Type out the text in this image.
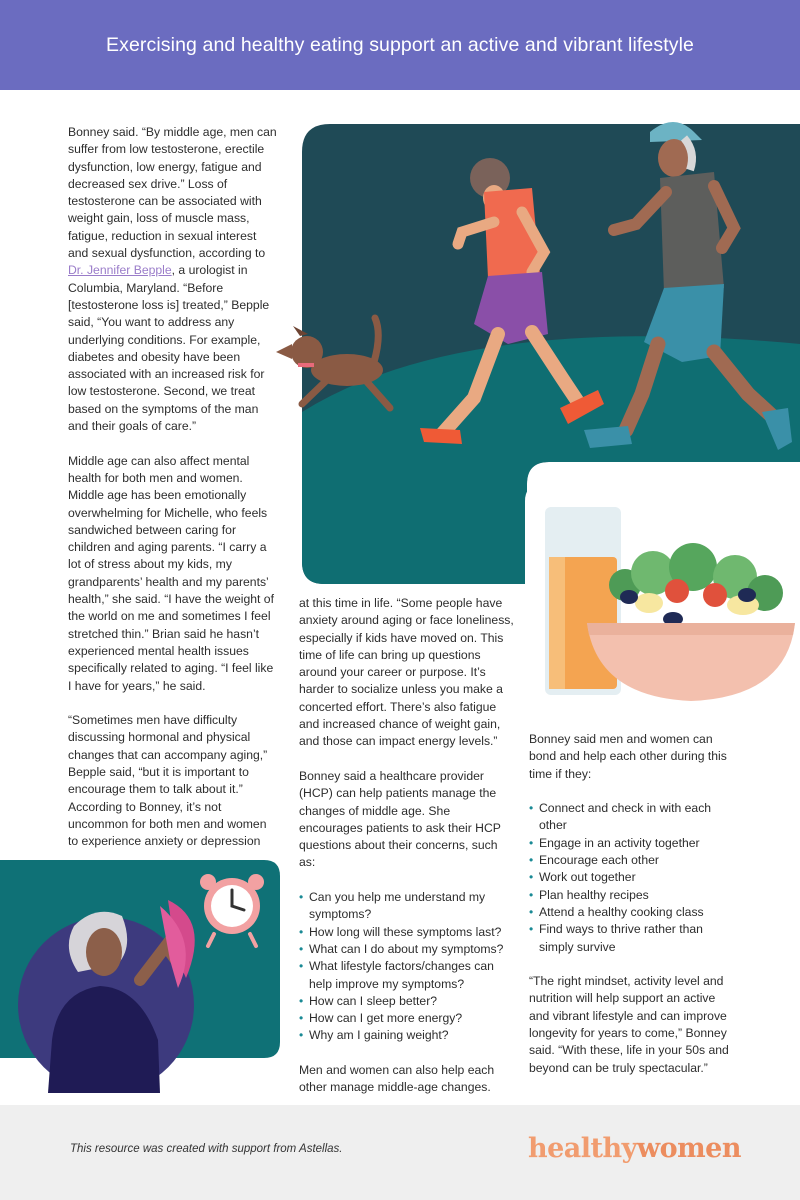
Exercising and healthy eating support an active and vibrant lifestyle

Bonney said. “By middle age, men can suffer from low testosterone, erectile dysfunction, low energy, fatigue and decreased sex drive.” Loss of testosterone can be associated with weight gain, loss of muscle mass, fatigue, reduction in sexual interest and sexual dysfunction, according to Dr. Jennifer Bepple, a urologist in Columbia, Maryland. “Before [testosterone loss is] treated,” Bepple said, “You want to address any underlying conditions. For example, diabetes and obesity have been associated with an increased risk for low testosterone. Second, we treat based on the symptoms of the man and their goals of care.”

Middle age can also affect mental health for both men and women. Middle age has been emotionally overwhelming for Michelle, who feels sandwiched between caring for children and aging parents. “I carry a lot of stress about my kids, my grandparents’ health and my parents’ health,” she said. “I have the weight of the world on me and sometimes I feel stretched thin.” Brian said he hasn’t experienced mental health issues specifically related to aging. “I feel like I have for years,” he said.

“Sometimes men have difficulty discussing hormonal and physical changes that can accompany aging,” Bepple said, “but it is important to encourage them to talk about it.” According to Bonney, it’s not uncommon for both men and women to experience anxiety or depression

at this time in life. “Some people have anxiety around aging or face loneliness, especially if kids have moved on. This time of life can bring up questions around your career or purpose. It’s harder to socialize unless you make a concerted effort. There’s also fatigue and increased chance of weight gain, and those can impact energy levels.”

Bonney said a healthcare provider (HCP) can help patients manage the changes of middle age. She encourages patients to ask their HCP questions about their concerns, such as:

• Can you help me understand my symptoms?
• How long will these symptoms last?
• What can I do about my symptoms?
• What lifestyle factors/changes can help improve my symptoms?
• How can I sleep better?
• How can I get more energy?
• Why am I gaining weight?

Men and women can also help each other manage middle-age changes.

Bonney said men and women can bond and help each other during this time if they:

• Connect and check in with each other
• Engage in an activity together
• Encourage each other
• Work out together
• Plan healthy recipes
• Attend a healthy cooking class
• Find ways to thrive rather than simply survive

“The right mindset, activity level and nutrition will help support an active and vibrant lifestyle and can improve longevity for years to come,” Bonney said. “With these, life in your 50s and beyond can be truly spectacular.”

This resource was created with support from Astellas.	healthywomen
